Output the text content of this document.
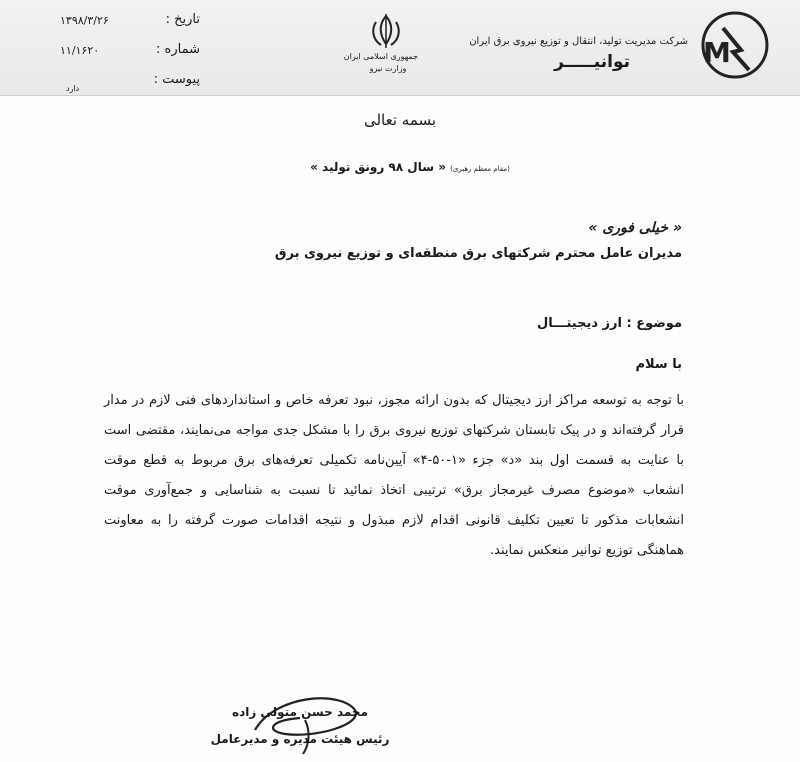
M
شرکت مدیریت تولید، انتقال و توزیع نیروی برق ایران
توانیـــــر
جمهوری اسلامی ایران
وزارت نیرو
تاریخ :
شماره :
پیوست :
۱۳۹۸/۳/۲۶
۱۱/۱۶۲۰
دارد
بسمه تعالی
(مقام معظم رهبری) « سال ۹۸ رونق تولید »
« خیلی فوری »
مدیران عامل محترم شرکتهای برق منطقه‌ای و توزیع نیروی برق
موضوع : ارز دیجیتـــال
با سلام
با توجه به توسعه مراکز ارز دیجیتال که بدون ارائه مجوز، نبود تعرفه خاص و استانداردهای فنی لازم در مدار قرار گرفته‌اند و در پیک تابستان شرکتهای توزیع نیروی برق را با مشکل جدی مواجه می‌نمایند، مقتضی است با عنایت به قسمت اول بند «د» جزء «۱-۵۰-۴» آیین‌نامه تکمیلی تعرفه‌های برق مربوط به قطع موقت انشعاب «موضوع مصرف غیرمجاز برق» ترتیبی اتخاذ نمائید تا نسبت به شناسایی و جمع‌آوری موقت انشعابات مذکور تا تعیین تکلیف قانونی اقدام لازم مبذول و نتیجه اقدامات صورت گرفته را به معاونت هماهنگی توزیع توانیر منعکس نمایند.
محمد حسن متولی زاده
رئیس هیئت مدیره و مدیرعامل
